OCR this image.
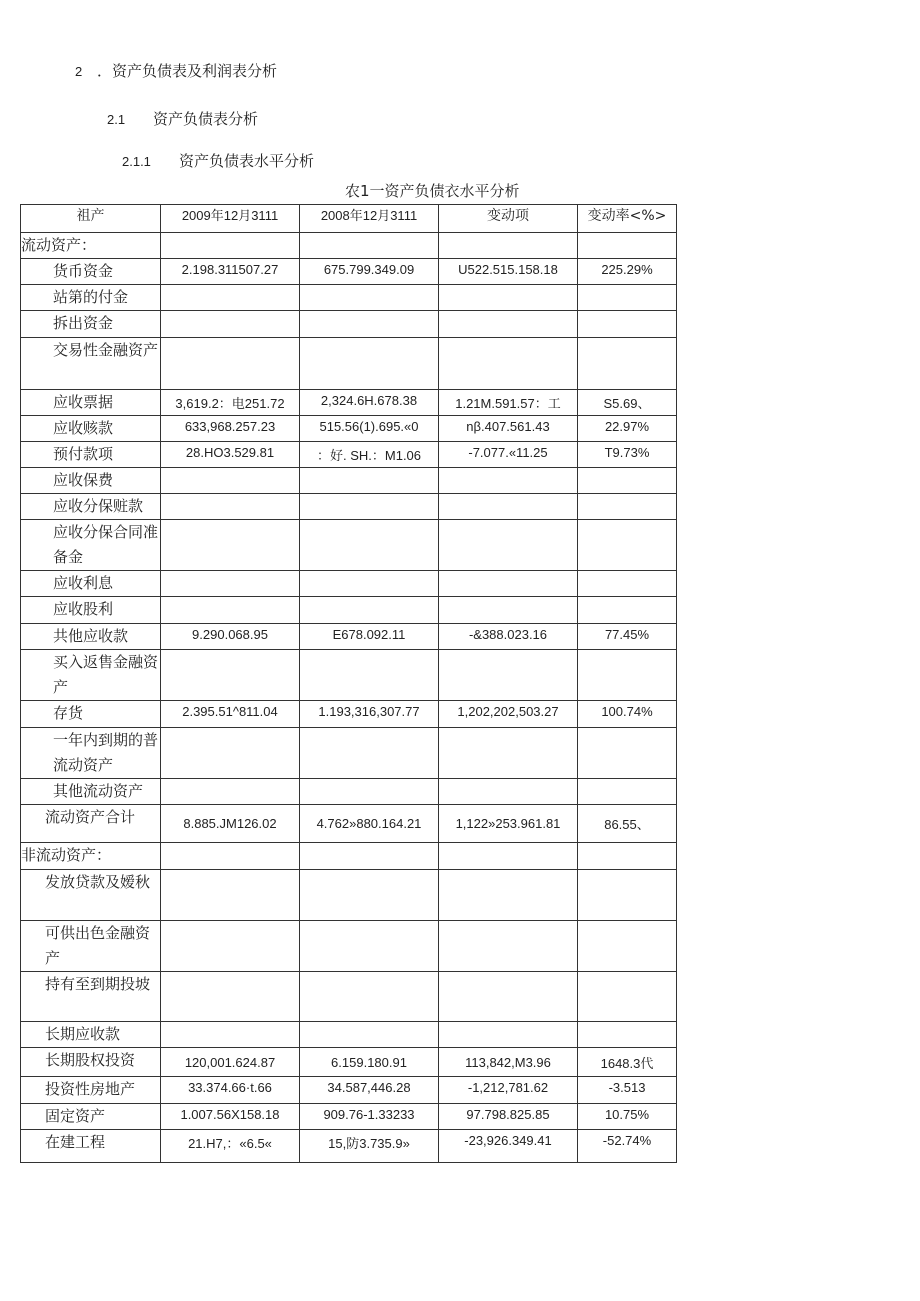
2 ．资产负债表及利润表分析
2.1 资产负债表分析
2.1.1 资产负债表水平分析
农1一资产负债衣水平分析
祖产	2009年12月3111	2008年12月3111	变动项	变动率<%>

流动资产：				

货币资金	2.198.311507.27	675.799.349.09	U522.515.158.18	225.29%

站第的付金				

拆出资金				

交易性金融资产				

应收票据	3,619.2：电251.72	2,324.6H.678.38	1.21M.591.57：工	S5.69、

应收赅款	633,968.257.23	515.56(1).695.«0	nβ.407.561.43	22.97%

预付款项	28.HO3.529.81	：好. SH.：M1.06	-7.077.«11.25	T9.73%

应收保费				

应收分保赃款				

应收分保合同准备金				

应收利息				

应收股利				

共他应收款	9.290.068.95	E678.092.11	-&388.023.16	77.45%

买入返售金融资产				

存货	2.395.51^811.04	1.193,316,307.77	1,202,202,503.27	100.74%

一年内到期的普流动资产				

其他流动资产				

流动资产合计	8.885.JM126.02	4.762»880.164.21	1,122»253.961.81	86.55、

非流动资产：				

发放贷款及嫒秋				

可供出色金融资产				

持有至到期投坡				

长期应收款				

长期股权投资	120,001.624.87	6.159.180.91	113,842,M3.96	1648.3代

投资性房地产	33.374.66·t.66	34.587,446.28	-1,212,781.62	-3.513

固定资产	1.007.56X158.18	909.76-1.33233	97.798.825.85	10.75%

在建工程	21.H7,：«6.5«	15,防3.735.9»	-23,926.349.41	-52.74%
